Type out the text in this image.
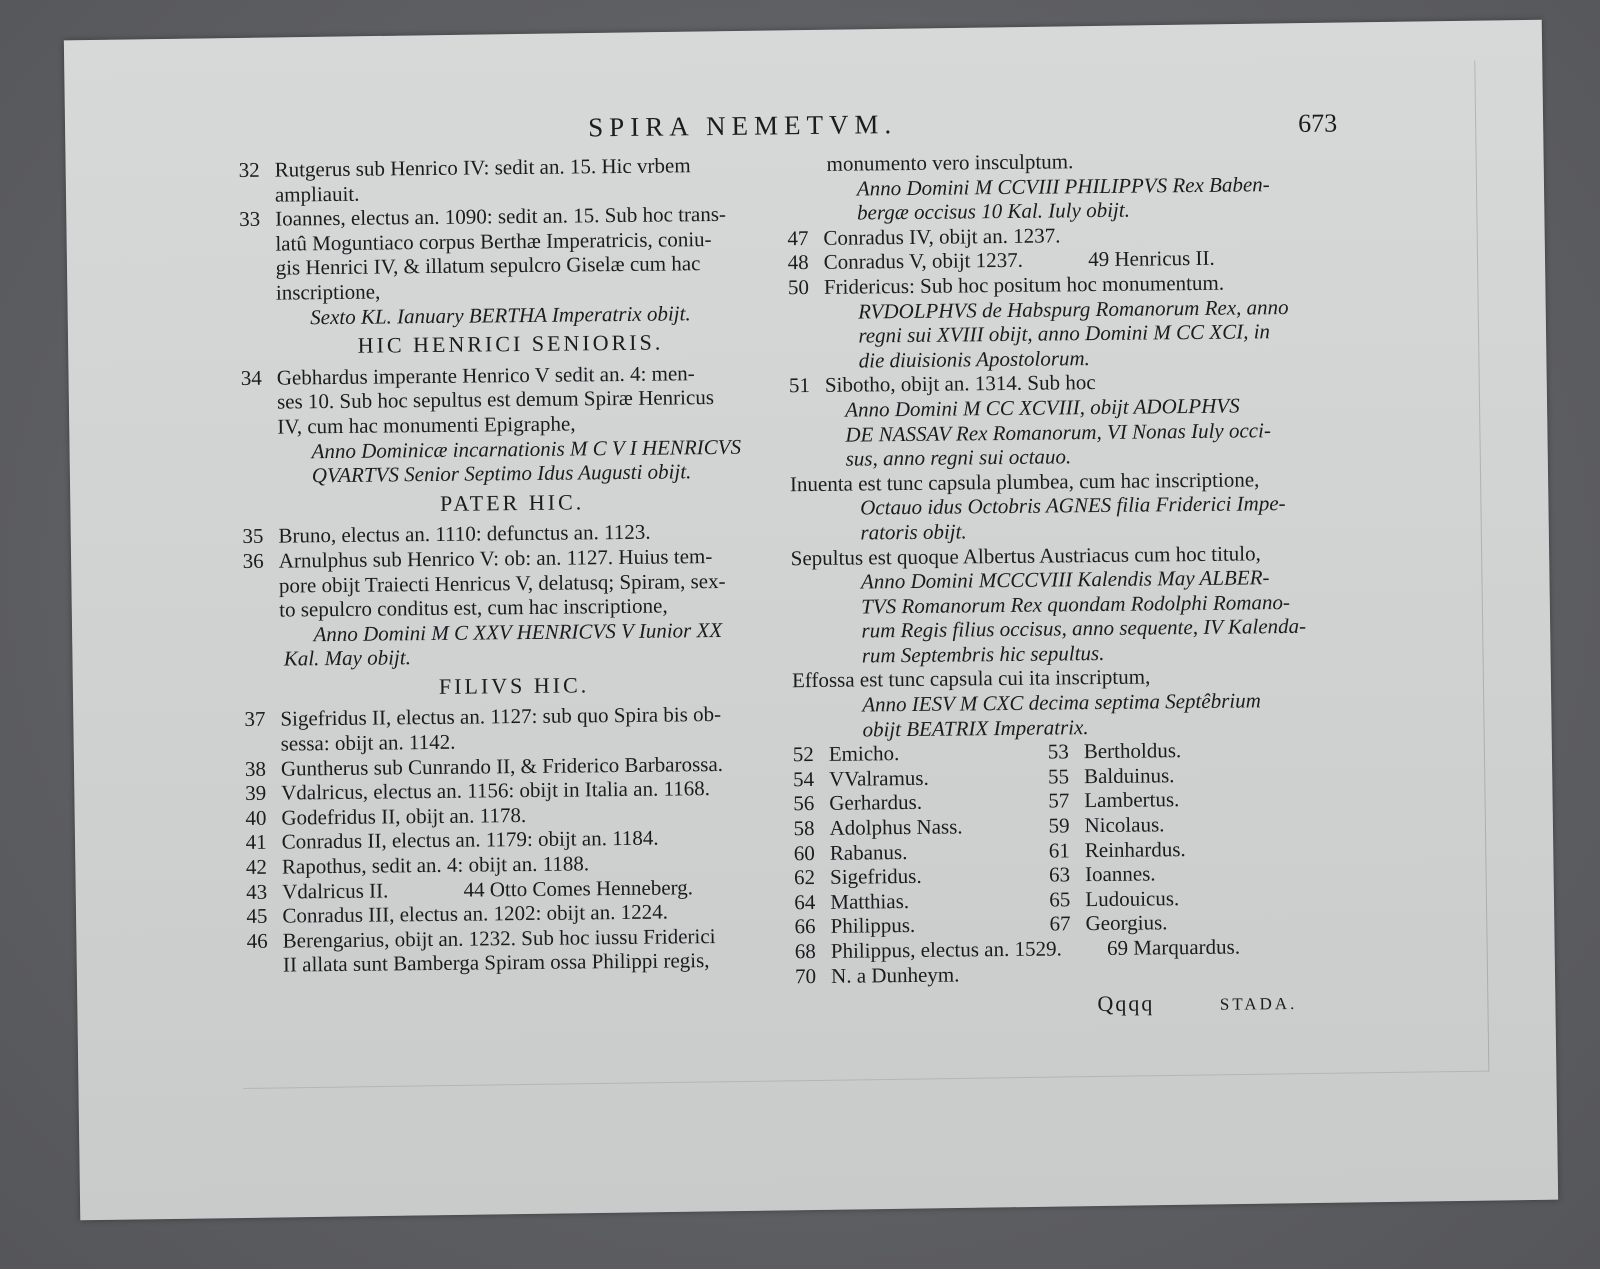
SPIRA NEMETVM.	673
32 Rutgerus sub Henrico IV: sedit an. 15. Hic vrbem
ampliauit.
33 Ioannes, electus an. 1090: sedit an. 15. Sub hoc trans-
latû Moguntiaco corpus Berthæ Imperatricis, coniu-
gis Henrici IV, & illatum sepulcro Giselæ cum hac
inscriptione,
Sexto KL. Ianuary BERTHA Imperatrix obijt.
HIC HENRICI SENIORIS.
34 Gebhardus imperante Henrico V sedit an. 4: men-
ses 10. Sub hoc sepultus est demum Spiræ Henricus
IV, cum hac monumenti Epigraphe,
Anno Dominicæ incarnationis M C V I HENRICVS
QVARTVS Senior Septimo Idus Augusti obijt.
PATER HIC.
35 Bruno, electus an. 1110: defunctus an. 1123.
36 Arnulphus sub Henrico V: ob: an. 1127. Huius tem-
pore obijt Traiecti Henricus V, delatusq; Spiram, sex-
to sepulcro conditus est, cum hac inscriptione,
Anno Domini M C XXV HENRICVS V Iunior XX
Kal. May obijt.
FILIVS HIC.
37 Sigefridus II, electus an. 1127: sub quo Spira bis ob-
sessa: obijt an. 1142.
38 Guntherus sub Cunrando II, & Friderico Barbarossa.
39 Vdalricus, electus an. 1156: obijt in Italia an. 1168.
40 Godefridus II, obijt an. 1178.
41 Conradus II, electus an. 1179: obijt an. 1184.
42 Rapothus, sedit an. 4: obijt an. 1188.
43 Vdalricus II.	44 Otto Comes Henneberg.
45 Conradus III, electus an. 1202: obijt an. 1224.
46 Berengarius, obijt an. 1232. Sub hoc iussu Friderici
II allata sunt Bamberga Spiram ossa Philippi regis,
monumento vero insculptum.
Anno Domini M CCVIII PHILIPPVS Rex Baben-
bergæ occisus 10 Kal. Iuly obijt.
47 Conradus IV, obijt an. 1237.
48 Conradus V, obijt 1237.	49 Henricus II.
50 Fridericus: Sub hoc positum hoc monumentum.
RVDOLPHVS de Habspurg Romanorum Rex, anno
regni sui XVIII obijt, anno Domini M CC XCI, in
die diuisionis Apostolorum.
51 Sibotho, obijt an. 1314. Sub hoc
Anno Domini M CC XCVIII, obijt ADOLPHVS
DE NASSAV Rex Romanorum, VI Nonas Iuly occi-
sus, anno regni sui octauo.
Inuenta est tunc capsula plumbea, cum hac inscriptione,
Octauo idus Octobris AGNES filia Friderici Impe-
ratoris obijt.
Sepultus est quoque Albertus Austriacus cum hoc titulo,
Anno Domini MCCCVIII Kalendis May ALBER-
TVS Romanorum Rex quondam Rodolphi Romano-
rum Regis filius occisus, anno sequente, IV Kalenda-
rum Septembris hic sepultus.
Effossa est tunc capsula cui ita inscriptum,
Anno IESV M CXC decima septima Septêbrium
obijt BEATRIX Imperatrix.
52 Emicho.	53 Bertholdus.
54 VValramus.	55 Balduinus.
56 Gerhardus.	57 Lambertus.
58 Adolphus Nass.	59 Nicolaus.
60 Rabanus.	61 Reinhardus.
62 Sigefridus.	63 Ioannes.
64 Matthias.	65 Ludouicus.
66 Philippus.	67 Georgius.
68 Philippus, electus an. 1529. 69 Marquardus.
70 N. a Dunheym.
Qqqq	STADA.
